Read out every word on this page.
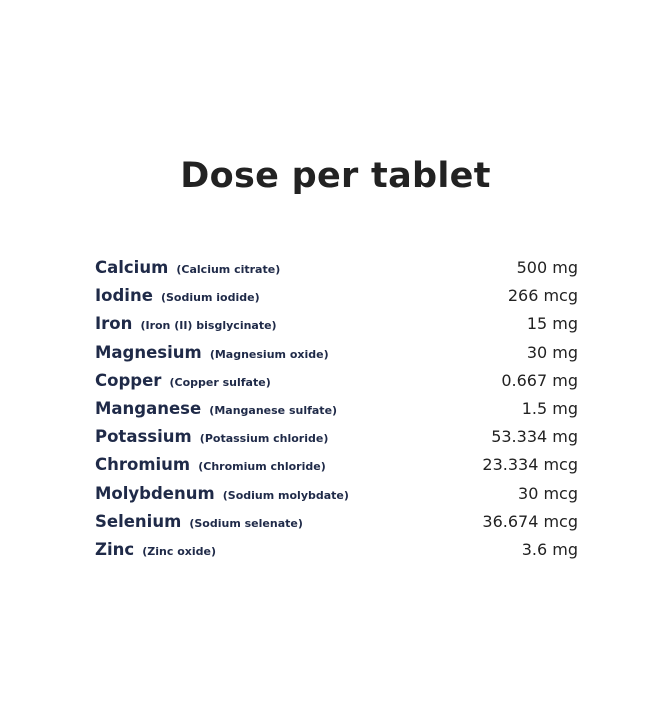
Dose per tablet
Calcium (Calcium citrate)	500 mg
Iodine (Sodium iodide)	266 mcg
Iron (Iron (II) bisglycinate)	15 mg
Magnesium (Magnesium oxide)	30 mg
Copper (Copper sulfate)	0.667 mg
Manganese (Manganese sulfate)	1.5 mg
Potassium (Potassium chloride)	53.334 mg
Chromium (Chromium chloride)	23.334 mcg
Molybdenum (Sodium molybdate)	30 mcg
Selenium (Sodium selenate)	36.674 mcg
Zinc (Zinc oxide)	3.6 mg
